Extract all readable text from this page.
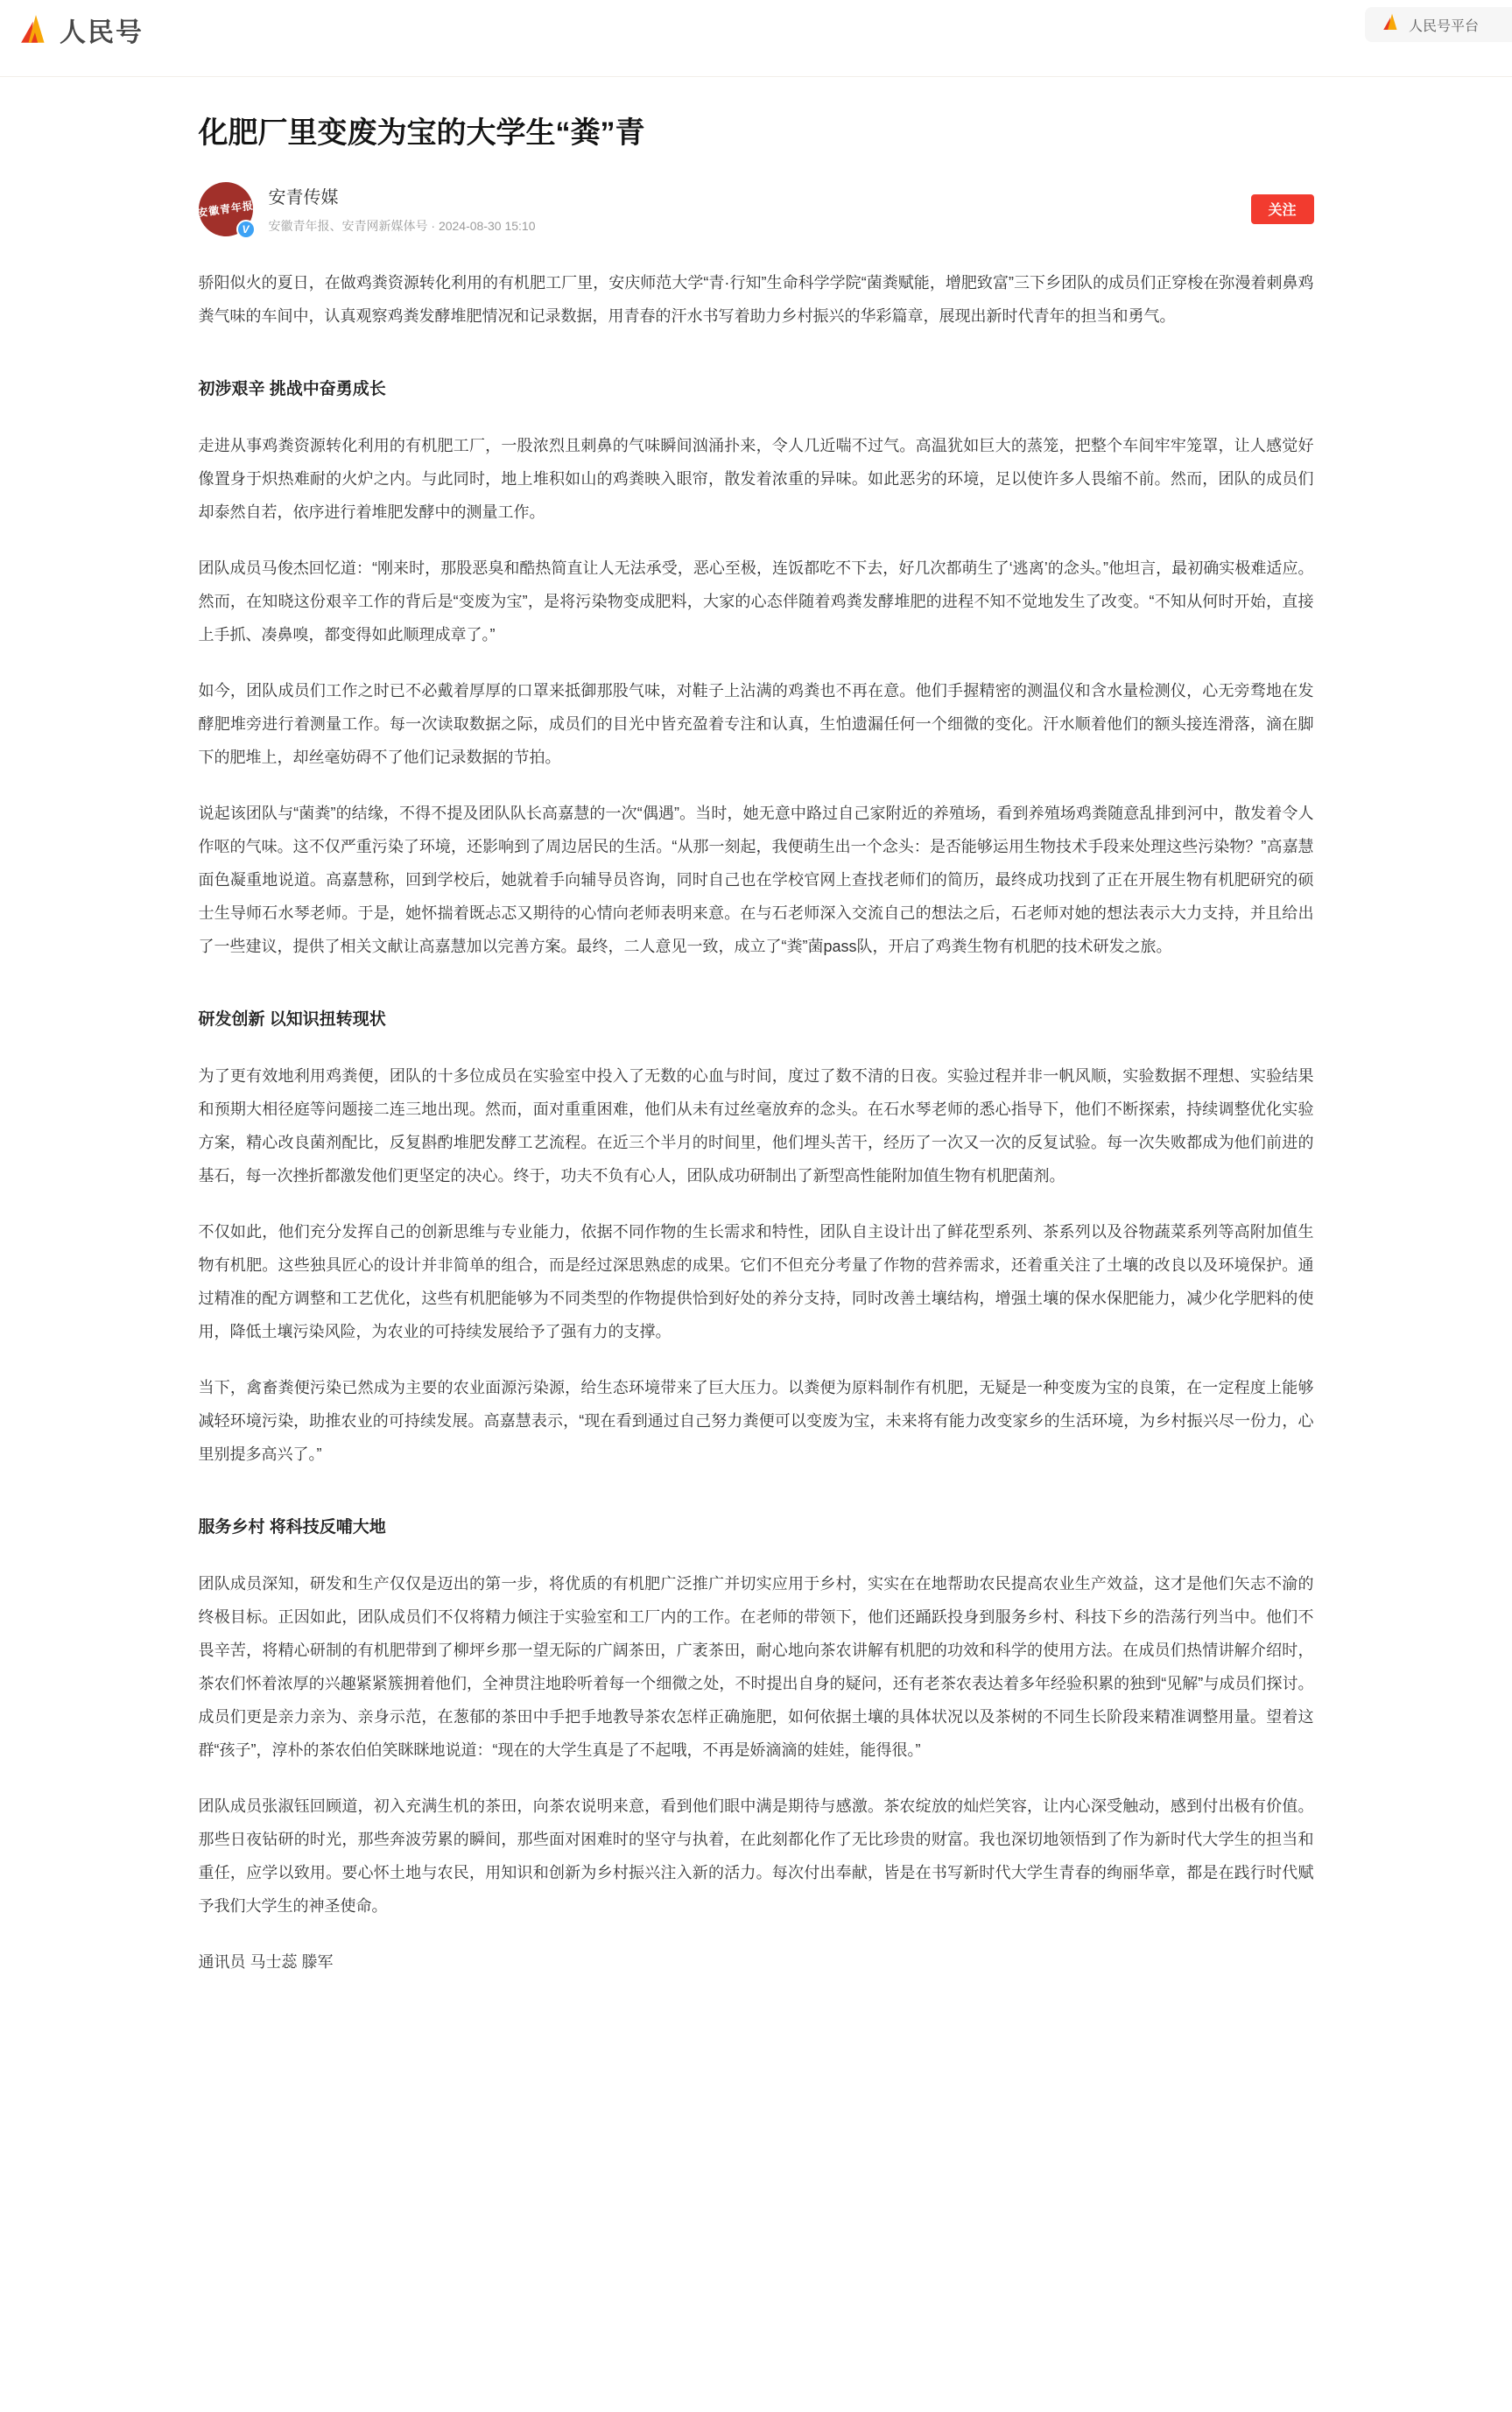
人民号	人民号平台
化肥厂里变废为宝的大学生“粪”青
安徽青年报
V
安青传媒
安徽青年报、安青网新媒体号 · 2024-08-30 15:10
关注

骄阳似火的夏日，在做鸡粪资源转化利用的有机肥工厂里，安庆师范大学“青·行知”生命科学学院“菌粪赋能，增肥致富”三下乡团队的成员们正穿梭在弥漫着刺鼻鸡粪气味的车间中，认真观察鸡粪发酵堆肥情况和记录数据，用青春的汗水书写着助力乡村振兴的华彩篇章，展现出新时代青年的担当和勇气。

初涉艰辛 挑战中奋勇成长

走进从事鸡粪资源转化利用的有机肥工厂，一股浓烈且刺鼻的气味瞬间汹涌扑来，令人几近喘不过气。高温犹如巨大的蒸笼，把整个车间牢牢笼罩，让人感觉好像置身于炽热难耐的火炉之内。与此同时，地上堆积如山的鸡粪映入眼帘，散发着浓重的异味。如此恶劣的环境，足以使许多人畏缩不前。然而，团队的成员们却泰然自若，依序进行着堆肥发酵中的测量工作。

团队成员马俊杰回忆道：“刚来时，那股恶臭和酷热简直让人无法承受，恶心至极，连饭都吃不下去，好几次都萌生了‘逃离’的念头。”他坦言，最初确实极难适应。然而，在知晓这份艰辛工作的背后是“变废为宝”，是将污染物变成肥料，大家的心态伴随着鸡粪发酵堆肥的进程不知不觉地发生了改变。“不知从何时开始，直接上手抓、凑鼻嗅，都变得如此顺理成章了。”

如今，团队成员们工作之时已不必戴着厚厚的口罩来抵御那股气味，对鞋子上沾满的鸡粪也不再在意。他们手握精密的测温仪和含水量检测仪，心无旁骛地在发酵肥堆旁进行着测量工作。每一次读取数据之际，成员们的目光中皆充盈着专注和认真，生怕遗漏任何一个细微的变化。汗水顺着他们的额头接连滑落，滴在脚下的肥堆上，却丝毫妨碍不了他们记录数据的节拍。

说起该团队与“菌粪”的结缘，不得不提及团队队长高嘉慧的一次“偶遇”。当时，她无意中路过自己家附近的养殖场，看到养殖场鸡粪随意乱排到河中，散发着令人作呕的气味。这不仅严重污染了环境，还影响到了周边居民的生活。“从那一刻起，我便萌生出一个念头：是否能够运用生物技术手段来处理这些污染物？”高嘉慧面色凝重地说道。高嘉慧称，回到学校后，她就着手向辅导员咨询，同时自己也在学校官网上查找老师们的简历，最终成功找到了正在开展生物有机肥研究的硕士生导师石水琴老师。于是，她怀揣着既忐忑又期待的心情向老师表明来意。在与石老师深入交流自己的想法之后，石老师对她的想法表示大力支持，并且给出了一些建议，提供了相关文献让高嘉慧加以完善方案。最终，二人意见一致，成立了“粪”菌pass队，开启了鸡粪生物有机肥的技术研发之旅。

研发创新 以知识扭转现状

为了更有效地利用鸡粪便，团队的十多位成员在实验室中投入了无数的心血与时间，度过了数不清的日夜。实验过程并非一帆风顺，实验数据不理想、实验结果和预期大相径庭等问题接二连三地出现。然而，面对重重困难，他们从未有过丝毫放弃的念头。在石水琴老师的悉心指导下，他们不断探索，持续调整优化实验方案，精心改良菌剂配比，反复斟酌堆肥发酵工艺流程。在近三个半月的时间里，他们埋头苦干，经历了一次又一次的反复试验。每一次失败都成为他们前进的基石，每一次挫折都激发他们更坚定的决心。终于，功夫不负有心人，团队成功研制出了新型高性能附加值生物有机肥菌剂。

不仅如此，他们充分发挥自己的创新思维与专业能力，依据不同作物的生长需求和特性，团队自主设计出了鲜花型系列、茶系列以及谷物蔬菜系列等高附加值生物有机肥。这些独具匠心的设计并非简单的组合，而是经过深思熟虑的成果。它们不但充分考量了作物的营养需求，还着重关注了土壤的改良以及环境保护。通过精准的配方调整和工艺优化，这些有机肥能够为不同类型的作物提供恰到好处的养分支持，同时改善土壤结构，增强土壤的保水保肥能力，减少化学肥料的使用，降低土壤污染风险，为农业的可持续发展给予了强有力的支撑。

当下，禽畜粪便污染已然成为主要的农业面源污染源，给生态环境带来了巨大压力。以粪便为原料制作有机肥，无疑是一种变废为宝的良策，在一定程度上能够减轻环境污染，助推农业的可持续发展。高嘉慧表示，“现在看到通过自己努力粪便可以变废为宝，未来将有能力改变家乡的生活环境，为乡村振兴尽一份力，心里别提多高兴了。”

服务乡村 将科技反哺大地

团队成员深知，研发和生产仅仅是迈出的第一步，将优质的有机肥广泛推广并切实应用于乡村，实实在在地帮助农民提高农业生产效益，这才是他们矢志不渝的终极目标。正因如此，团队成员们不仅将精力倾注于实验室和工厂内的工作。在老师的带领下，他们还踊跃投身到服务乡村、科技下乡的浩荡行列当中。他们不畏辛苦，将精心研制的有机肥带到了柳坪乡那一望无际的广阔茶田，广袤茶田，耐心地向茶农讲解有机肥的功效和科学的使用方法。在成员们热情讲解介绍时，茶农们怀着浓厚的兴趣紧紧簇拥着他们，全神贯注地聆听着每一个细微之处，不时提出自身的疑问，还有老茶农表达着多年经验积累的独到“见解”与成员们探讨。成员们更是亲力亲为、亲身示范，在葱郁的茶田中手把手地教导茶农怎样正确施肥，如何依据土壤的具体状况以及茶树的不同生长阶段来精准调整用量。望着这群“孩子”，淳朴的茶农伯伯笑眯眯地说道：“现在的大学生真是了不起哦，不再是娇滴滴的娃娃，能得很。”

团队成员张淑钰回顾道，初入充满生机的茶田，向茶农说明来意，看到他们眼中满是期待与感激。茶农绽放的灿烂笑容，让内心深受触动，感到付出极有价值。那些日夜钻研的时光，那些奔波劳累的瞬间，那些面对困难时的坚守与执着，在此刻都化作了无比珍贵的财富。我也深切地领悟到了作为新时代大学生的担当和重任，应学以致用。要心怀土地与农民，用知识和创新为乡村振兴注入新的活力。每次付出奉献，皆是在书写新时代大学生青春的绚丽华章，都是在践行时代赋予我们大学生的神圣使命。

通讯员 马士蕊 滕军
